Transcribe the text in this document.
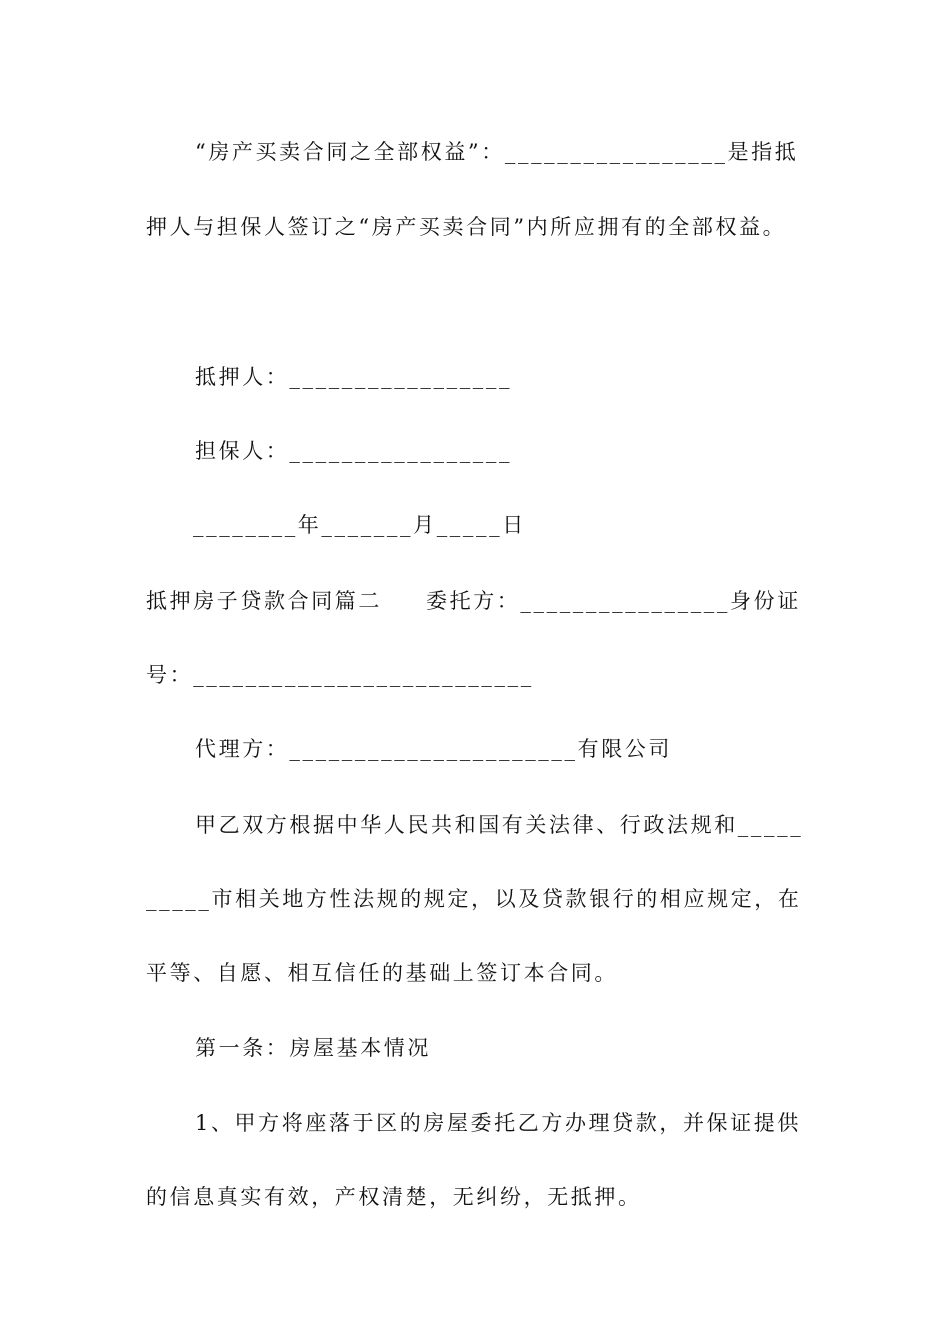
“房产买卖合同之全部权益”：_________________是指抵
押人与担保人签订之“房产买卖合同”内所应拥有的全部权益。
抵押人：_________________
担保人：_________________
________年_______月_____日
抵押房子贷款合同篇二 委托方：________________身份证
号：__________________________
代理方：______________________有限公司
甲乙双方根据中华人民共和国有关法律、行政法规和_____
_____市相关地方性法规的规定，以及贷款银行的相应规定，在
平等、自愿、相互信任的基础上签订本合同。
第一条：房屋基本情况
1、甲方将座落于区的房屋委托乙方办理贷款，并保证提供
的信息真实有效，产权清楚，无纠纷，无抵押。
